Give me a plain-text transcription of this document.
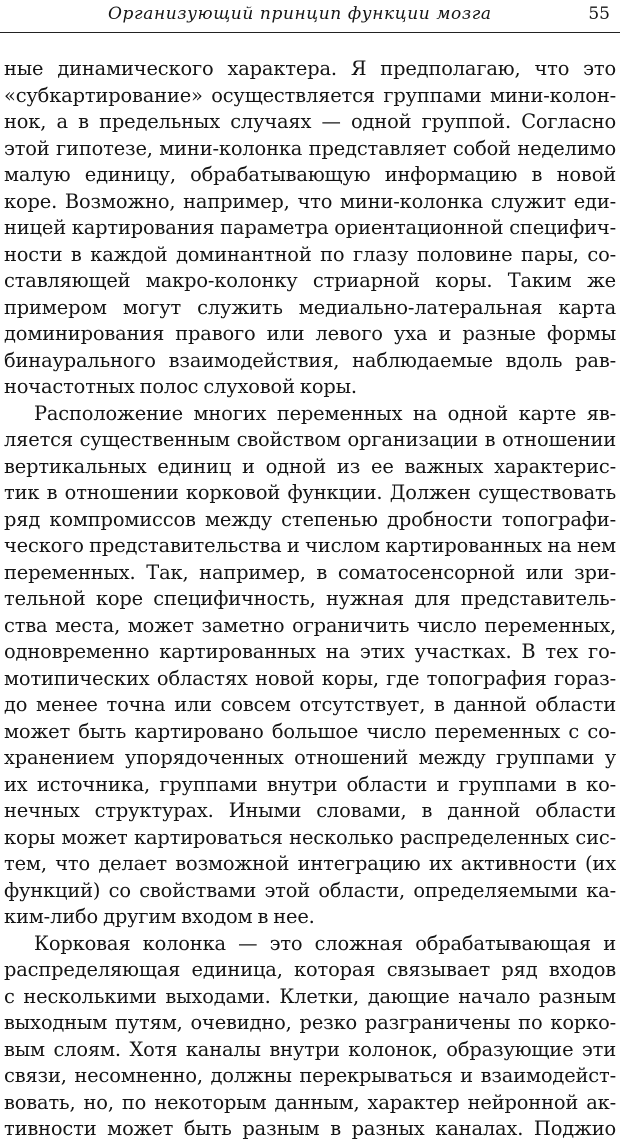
Организующий принцип функции мозга	55
ные динамического характера. Я предполагаю, что это
«субкартирование» осуществляется группами мини-колон-
нок, а в предельных случаях — одной группой. Согласно
этой гипотезе, мини-колонка представляет собой неделимо
малую единицу, обрабатывающую информацию в новой
коре. Возможно, например, что мини-колонка служит еди-
ницей картирования параметра ориентационной специфич-
ности в каждой доминантной по глазу половине пары, со-
ставляющей макро-колонку стриарной коры. Таким же
примером могут служить медиально-латеральная карта
доминирования правого или левого уха и разные формы
бинаурального взаимодействия, наблюдаемые вдоль рав-
ночастотных полос слуховой коры.
Расположение многих переменных на одной карте яв-
ляется существенным свойством организации в отношении
вертикальных единиц и одной из ее важных характерис-
тик в отношении корковой функции. Должен существовать
ряд компромиссов между степенью дробности топографи-
ческого представительства и числом картированных на нем
переменных. Так, например, в соматосенсорной или зри-
тельной коре специфичность, нужная для представитель-
ства места, может заметно ограничить число переменных,
одновременно картированных на этих участках. В тех го-
мотипических областях новой коры, где топография гораз-
до менее точна или совсем отсутствует, в данной области
может быть картировано большое число переменных с со-
хранением упорядоченных отношений между группами у
их источника, группами внутри области и группами в ко-
нечных структурах. Иными словами, в данной области
коры может картироваться несколько распределенных сис-
тем, что делает возможной интеграцию их активности (их
функций) со свойствами этой области, определяемыми ка-
ким-либо другим входом в нее.
Корковая колонка — это сложная обрабатывающая и
распределяющая единица, которая связывает ряд входов
с несколькими выходами. Клетки, дающие начало разным
выходным путям, очевидно, резко разграничены по корко-
вым слоям. Хотя каналы внутри колонок, образующие эти
связи, несомненно, должны перекрываться и взаимодейст-
вовать, но, по некоторым данным, характер нейронной ак-
тивности может быть разным в разных каналах. Поджио
